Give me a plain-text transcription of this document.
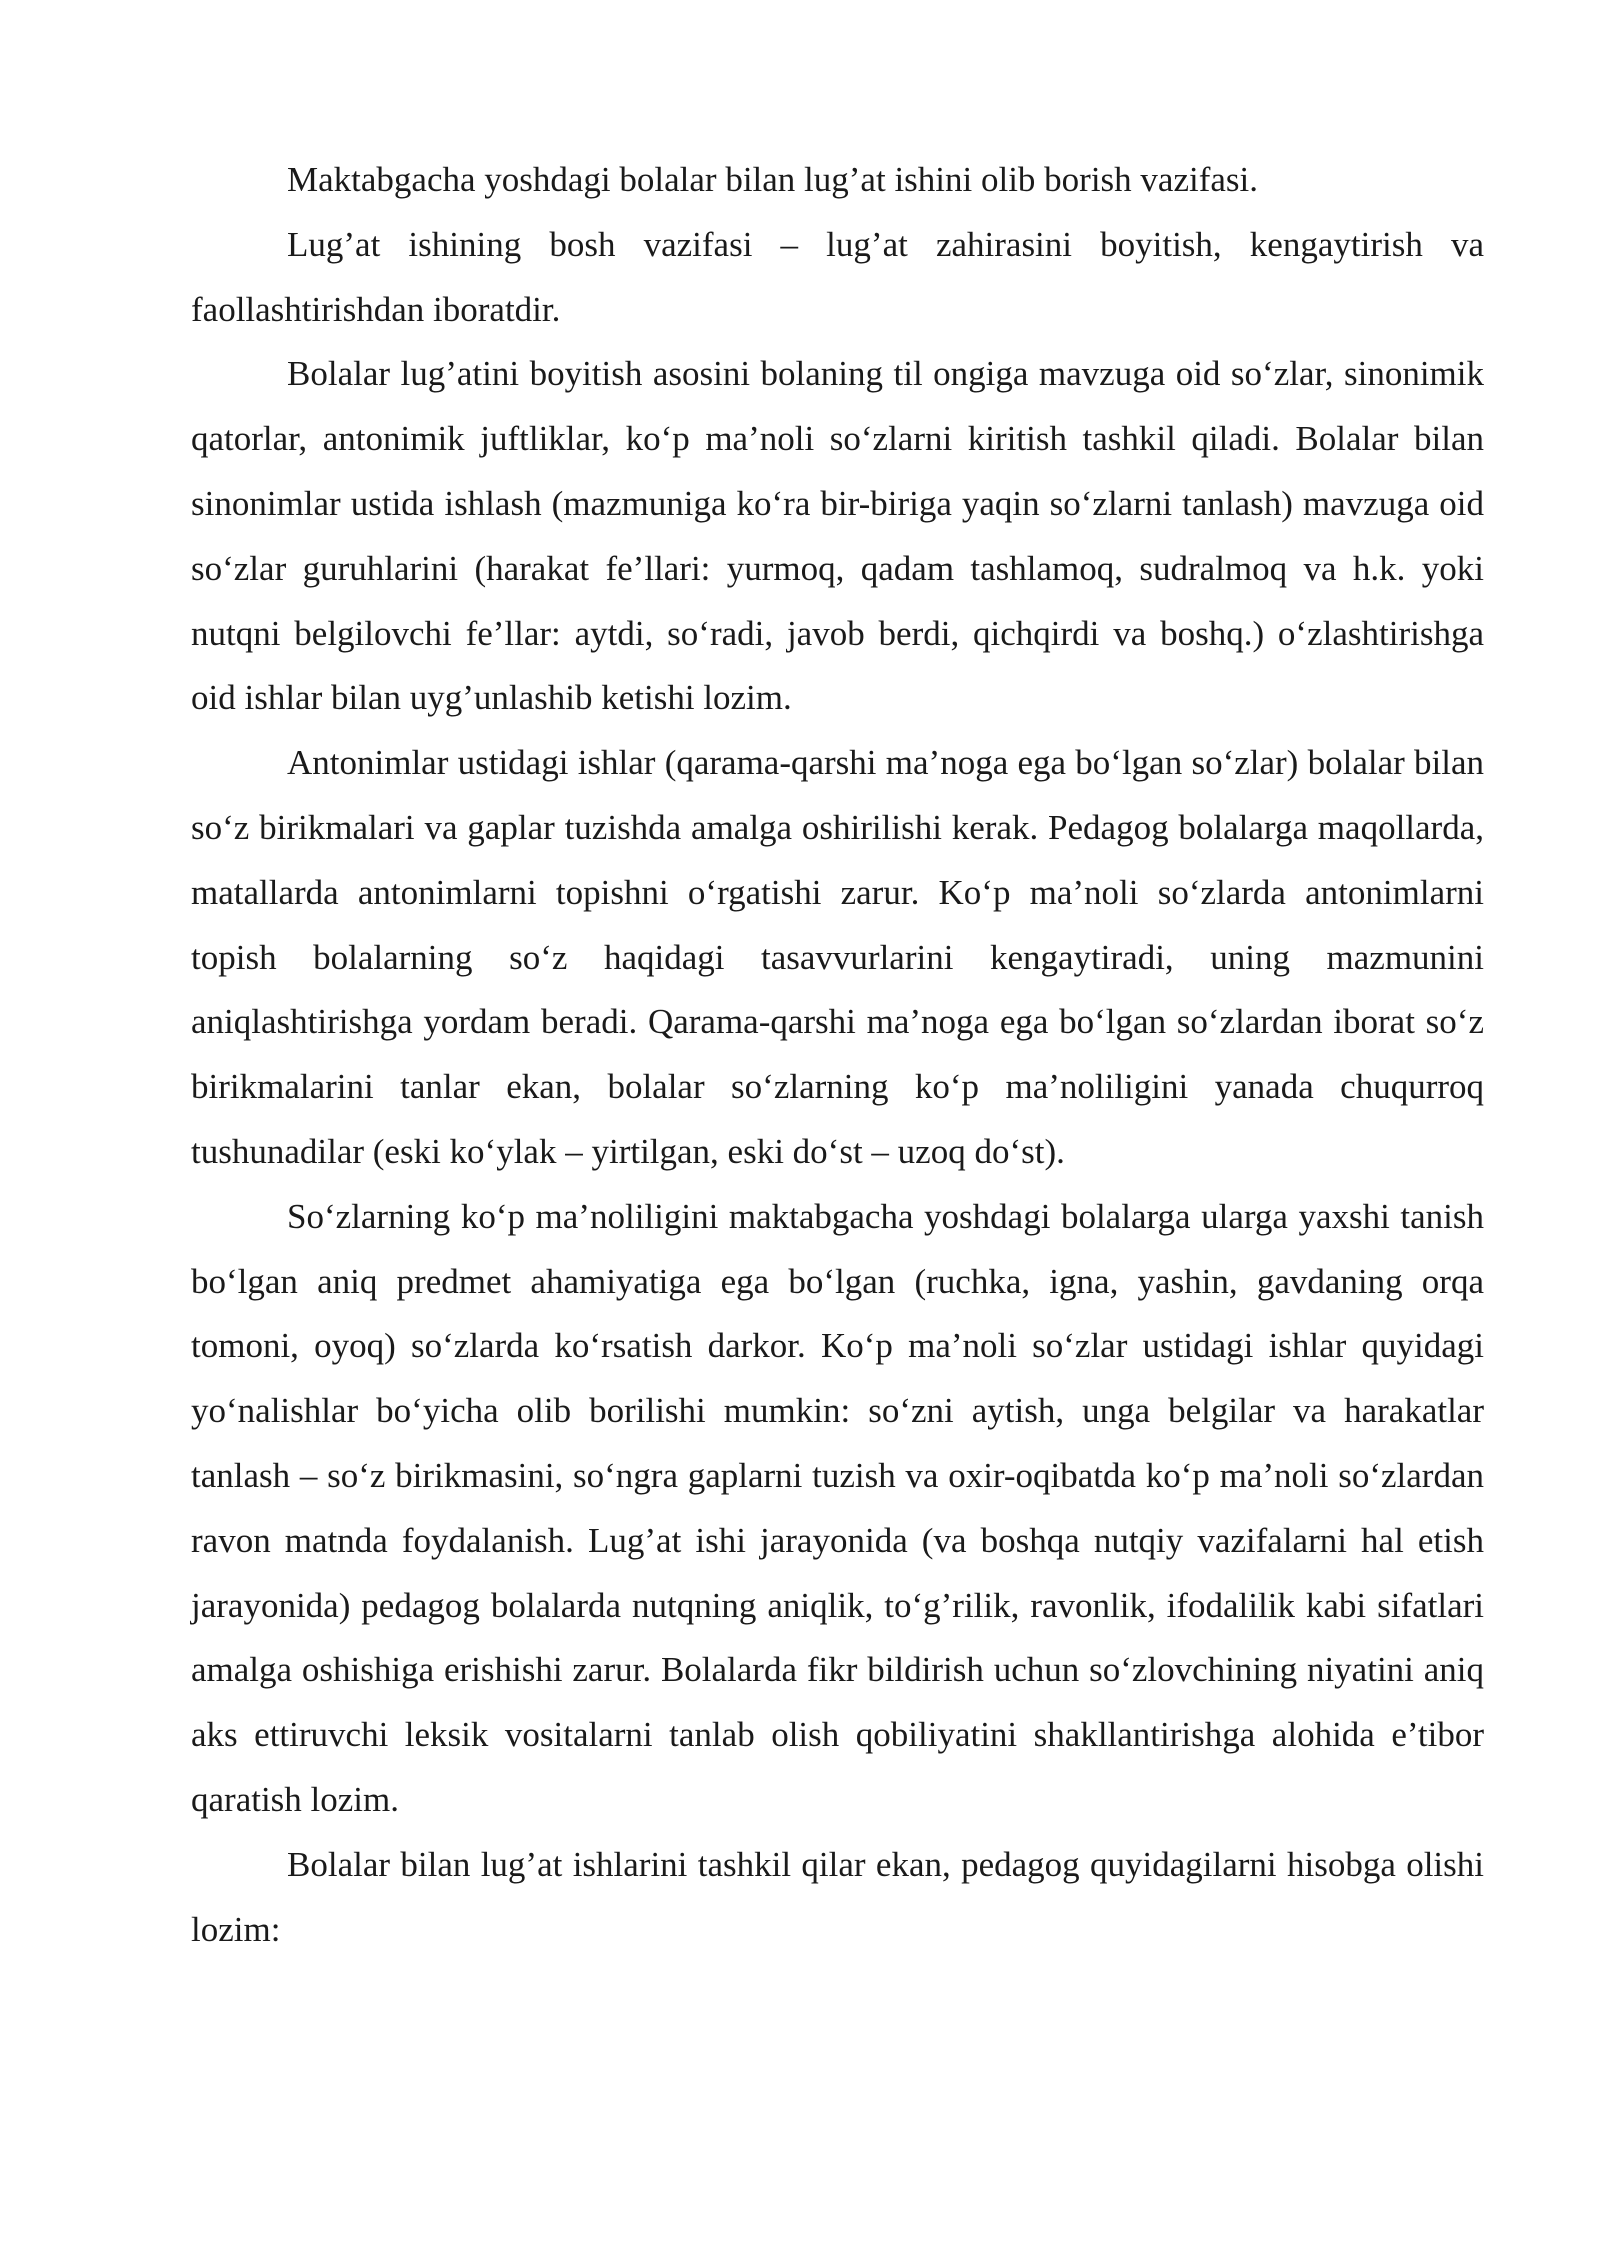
Maktabgacha yoshdagi bolalar bilan lug’at ishini olib borish vazifasi.

Lug’at ishining bosh vazifasi – lug’at zahirasini boyitish, kengaytirish va faollashtirishdan iboratdir.

Bolalar lug’atini boyitish asosini bolaning til ongiga mavzuga oid so‘zlar, sinonimik qatorlar, antonimik juftliklar, ko‘p ma’noli so‘zlarni kiritish tashkil qiladi. Bolalar bilan sinonimlar ustida ishlash (mazmuniga ko‘ra bir-biriga yaqin so‘zlarni tanlash) mavzuga oid so‘zlar guruhlarini (harakat fe’llari: yurmoq, qadam tashlamoq, sudralmoq va h.k. yoki nutqni belgilovchi fe’llar: aytdi, so‘radi, javob berdi, qichqirdi va boshq.) o‘zlashtirishga oid ishlar bilan uyg’unlashib ketishi lozim.

Antonimlar ustidagi ishlar (qarama-qarshi ma’noga ega bo‘lgan so‘zlar) bolalar bilan so‘z birikmalari va gaplar tuzishda amalga oshirilishi kerak. Pedagog bolalarga maqollarda, matallarda antonimlarni topishni o‘rgatishi zarur. Ko‘p ma’noli so‘zlarda antonimlarni topish bolalarning so‘z haqidagi tasavvurlarini kengaytiradi, uning mazmunini aniqlashtirishga yordam beradi. Qarama-qarshi ma’noga ega bo‘lgan so‘zlardan iborat so‘z birikmalarini tanlar ekan, bolalar so‘zlarning ko‘p ma’noliligini yanada chuqurroq tushunadilar (eski ko‘ylak – yirtilgan, eski do‘st – uzoq do‘st).

So‘zlarning ko‘p ma’noliligini maktabgacha yoshdagi bolalarga ularga yaxshi tanish bo‘lgan aniq predmet ahamiyatiga ega bo‘lgan (ruchka, igna, yashin, gavdaning orqa tomoni, oyoq) so‘zlarda ko‘rsatish darkor. Ko‘p ma’noli so‘zlar ustidagi ishlar quyidagi yo‘nalishlar bo‘yicha olib borilishi mumkin: so‘zni aytish, unga belgilar va harakatlar tanlash – so‘z birikmasini, so‘ngra gaplarni tuzish va oxir-oqibatda ko‘p ma’noli so‘zlardan ravon matnda foydalanish. Lug’at ishi jarayonida (va boshqa nutqiy vazifalarni hal etish jarayonida) pedagog bolalarda nutqning aniqlik, to‘g’rilik, ravonlik, ifodalilik kabi sifatlari amalga oshishiga erishishi zarur. Bolalarda fikr bildirish uchun so‘zlovchining niyatini aniq aks ettiruvchi leksik vositalarni tanlab olish qobiliyatini shakllantirishga alohida e’tibor qaratish lozim.

Bolalar bilan lug’at ishlarini tashkil qilar ekan, pedagog quyidagilarni hisobga olishi lozim:
